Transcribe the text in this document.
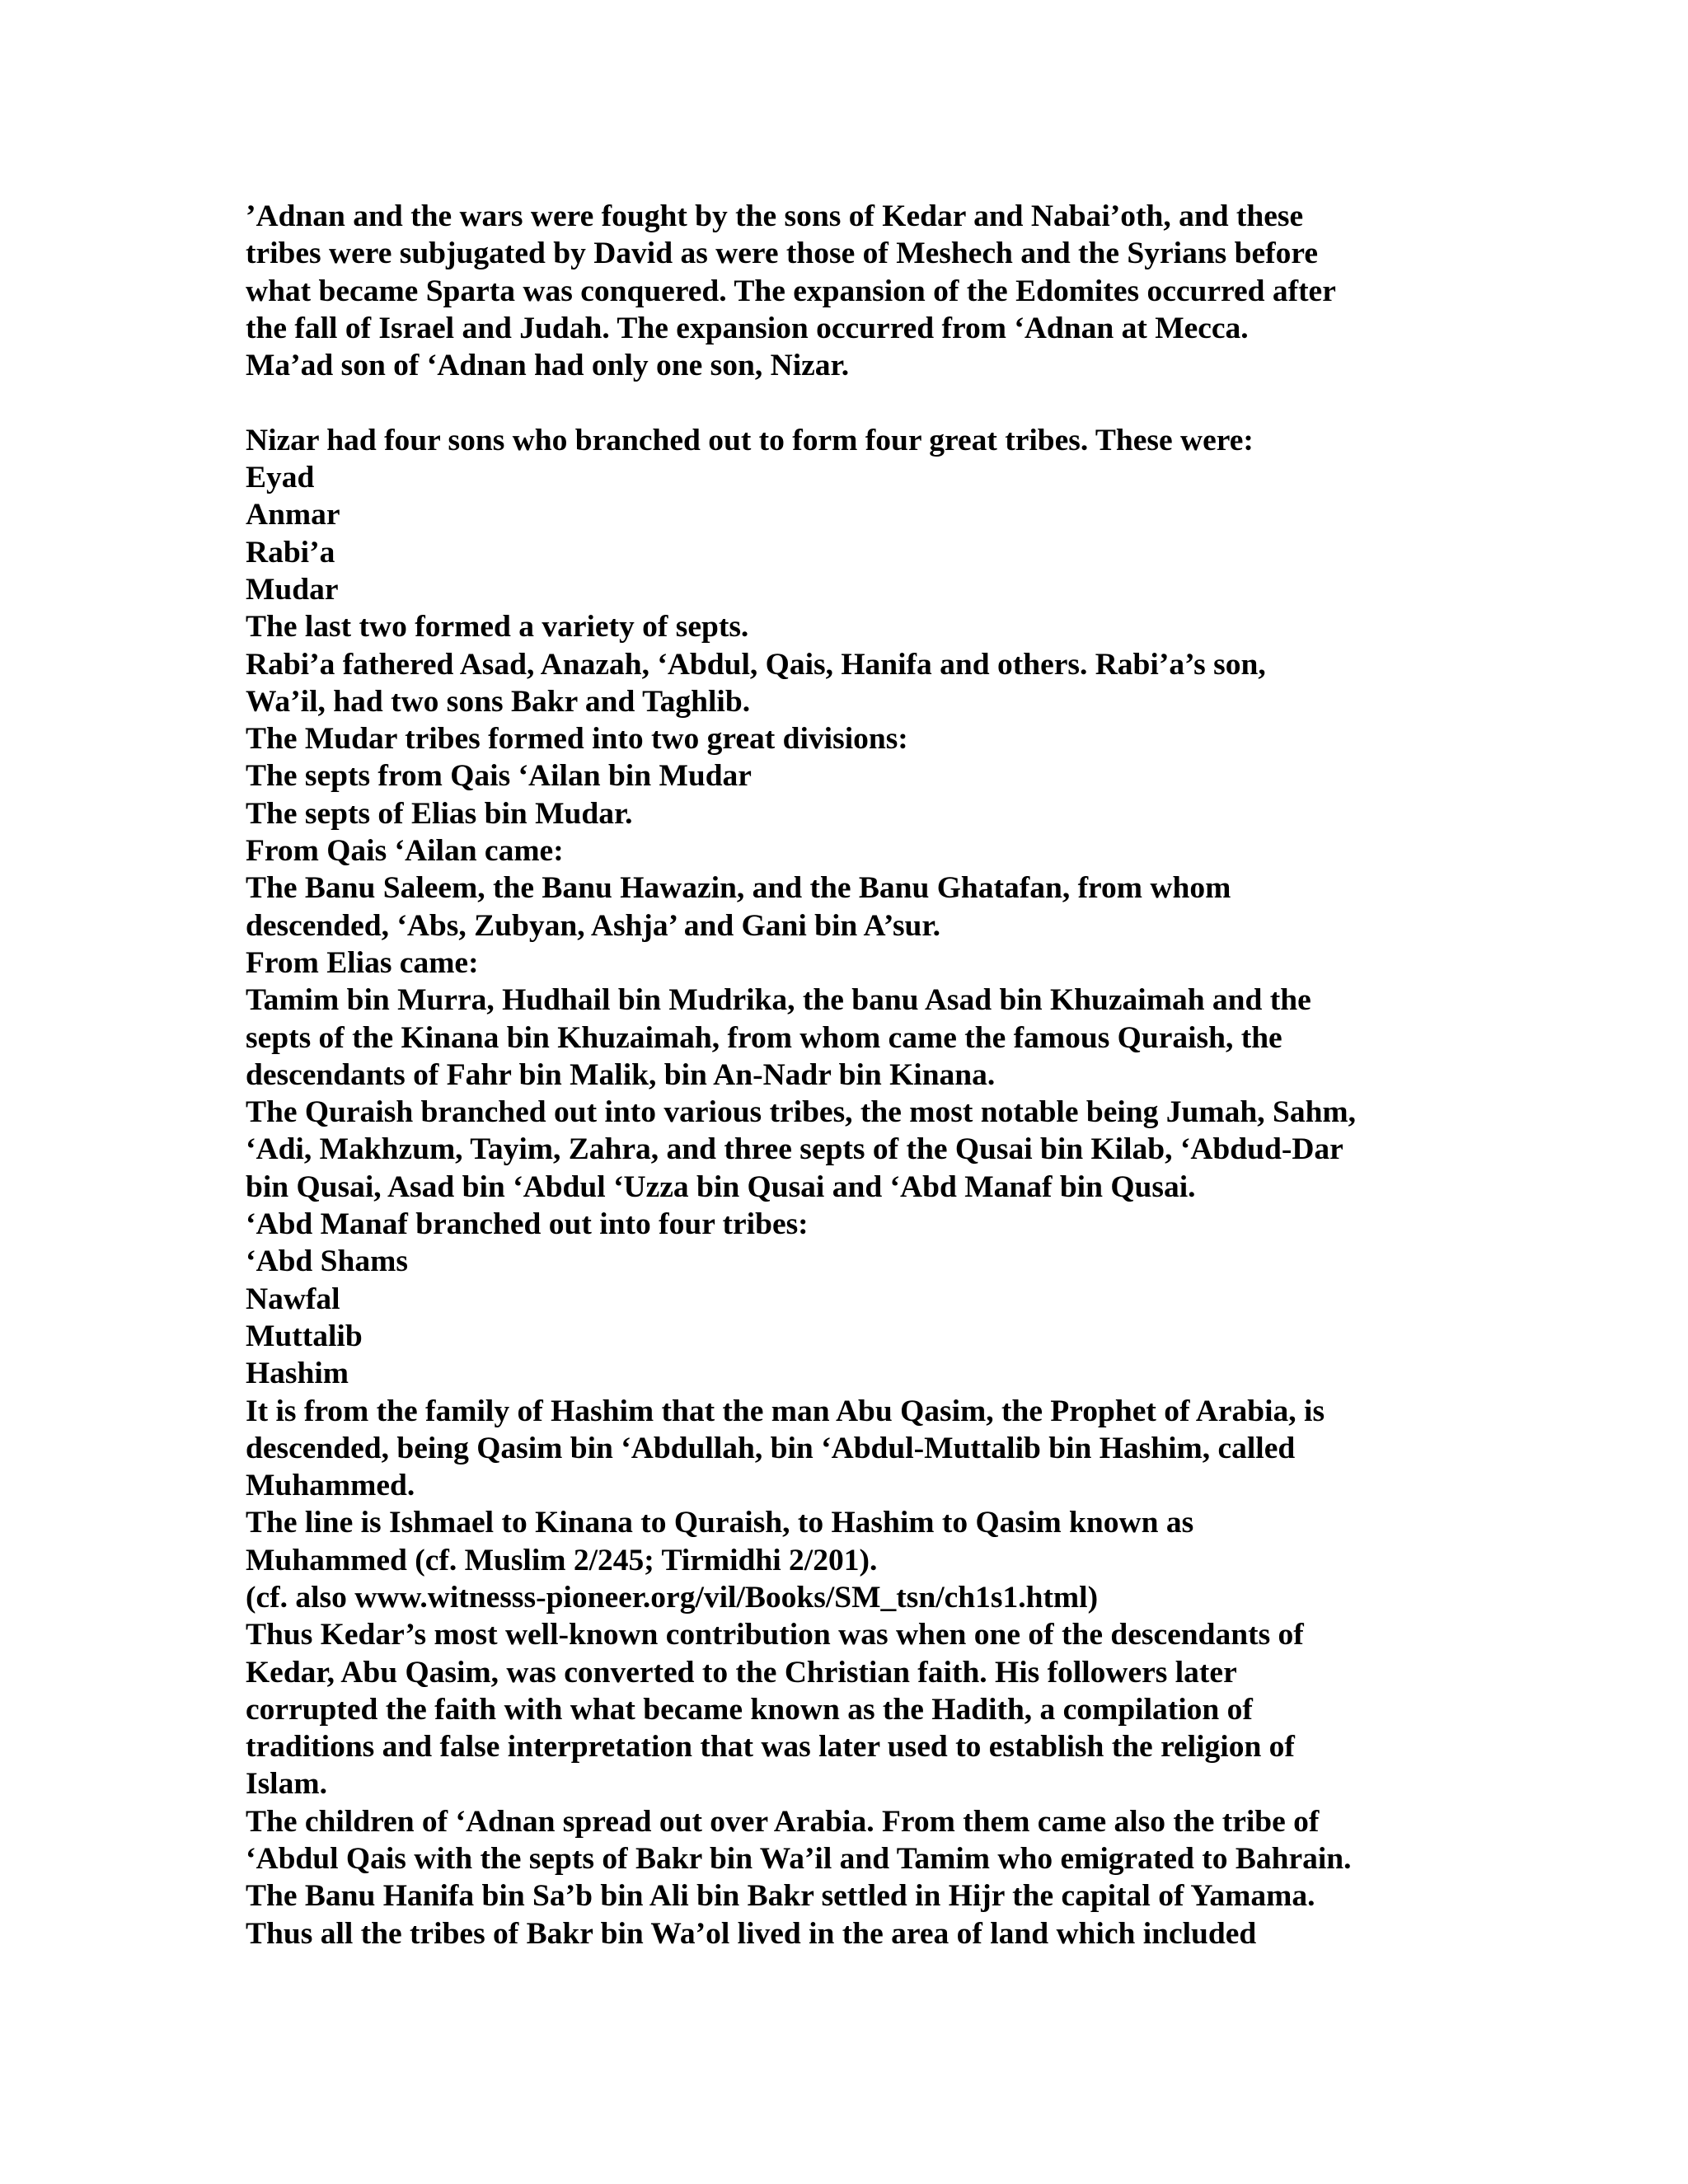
’Adnan and the wars were fought by the sons of Kedar and Nabai’oth, and these
tribes were subjugated by David as were those of Meshech and the Syrians before
what became Sparta was conquered. The expansion of the Edomites occurred after
the fall of Israel and Judah. The expansion occurred from ‘Adnan at Mecca.
Ma’ad son of ‘Adnan had only one son, Nizar.
Nizar had four sons who branched out to form four great tribes. These were:
Eyad
Anmar
Rabi’a
Mudar
The last two formed a variety of septs.
Rabi’a fathered Asad, Anazah, ‘Abdul, Qais, Hanifa and others. Rabi’a’s son,
Wa’il, had two sons Bakr and Taghlib.
The Mudar tribes formed into two great divisions:
The septs from Qais ‘Ailan bin Mudar
The septs of Elias bin Mudar.
From Qais ‘Ailan came:
The Banu Saleem, the Banu Hawazin, and the Banu Ghatafan, from whom
descended, ‘Abs, Zubyan, Ashja’ and Gani bin A’sur.
From Elias came:
Tamim bin Murra, Hudhail bin Mudrika, the banu Asad bin Khuzaimah and the
septs of the Kinana bin Khuzaimah, from whom came the famous Quraish, the
descendants of Fahr bin Malik, bin An-Nadr bin Kinana.
The Quraish branched out into various tribes, the most notable being Jumah, Sahm,
‘Adi, Makhzum, Tayim, Zahra, and three septs of the Qusai bin Kilab, ‘Abdud-Dar
bin Qusai, Asad bin ‘Abdul ‘Uzza bin Qusai and ‘Abd Manaf bin Qusai.
‘Abd Manaf branched out into four tribes:
‘Abd Shams
Nawfal
Muttalib
Hashim
It is from the family of Hashim that the man Abu Qasim, the Prophet of Arabia, is
descended, being Qasim bin ‘Abdullah, bin ‘Abdul-Muttalib bin Hashim, called
Muhammed.
The line is Ishmael to Kinana to Quraish, to Hashim to Qasim known as
Muhammed (cf. Muslim 2/245; Tirmidhi 2/201).
(cf. also www.witnesss-pioneer.org/vil/Books/SM_tsn/ch1s1.html)
Thus Kedar’s most well-known contribution was when one of the descendants of
Kedar, Abu Qasim, was converted to the Christian faith. His followers later
corrupted the faith with what became known as the Hadith, a compilation of
traditions and false interpretation that was later used to establish the religion of
Islam.
The children of ‘Adnan spread out over Arabia. From them came also the tribe of
‘Abdul Qais with the septs of Bakr bin Wa’il and Tamim who emigrated to Bahrain.
The Banu Hanifa bin Sa’b bin Ali bin Bakr settled in Hijr the capital of Yamama.
Thus all the tribes of Bakr bin Wa’ol lived in the area of land which included
